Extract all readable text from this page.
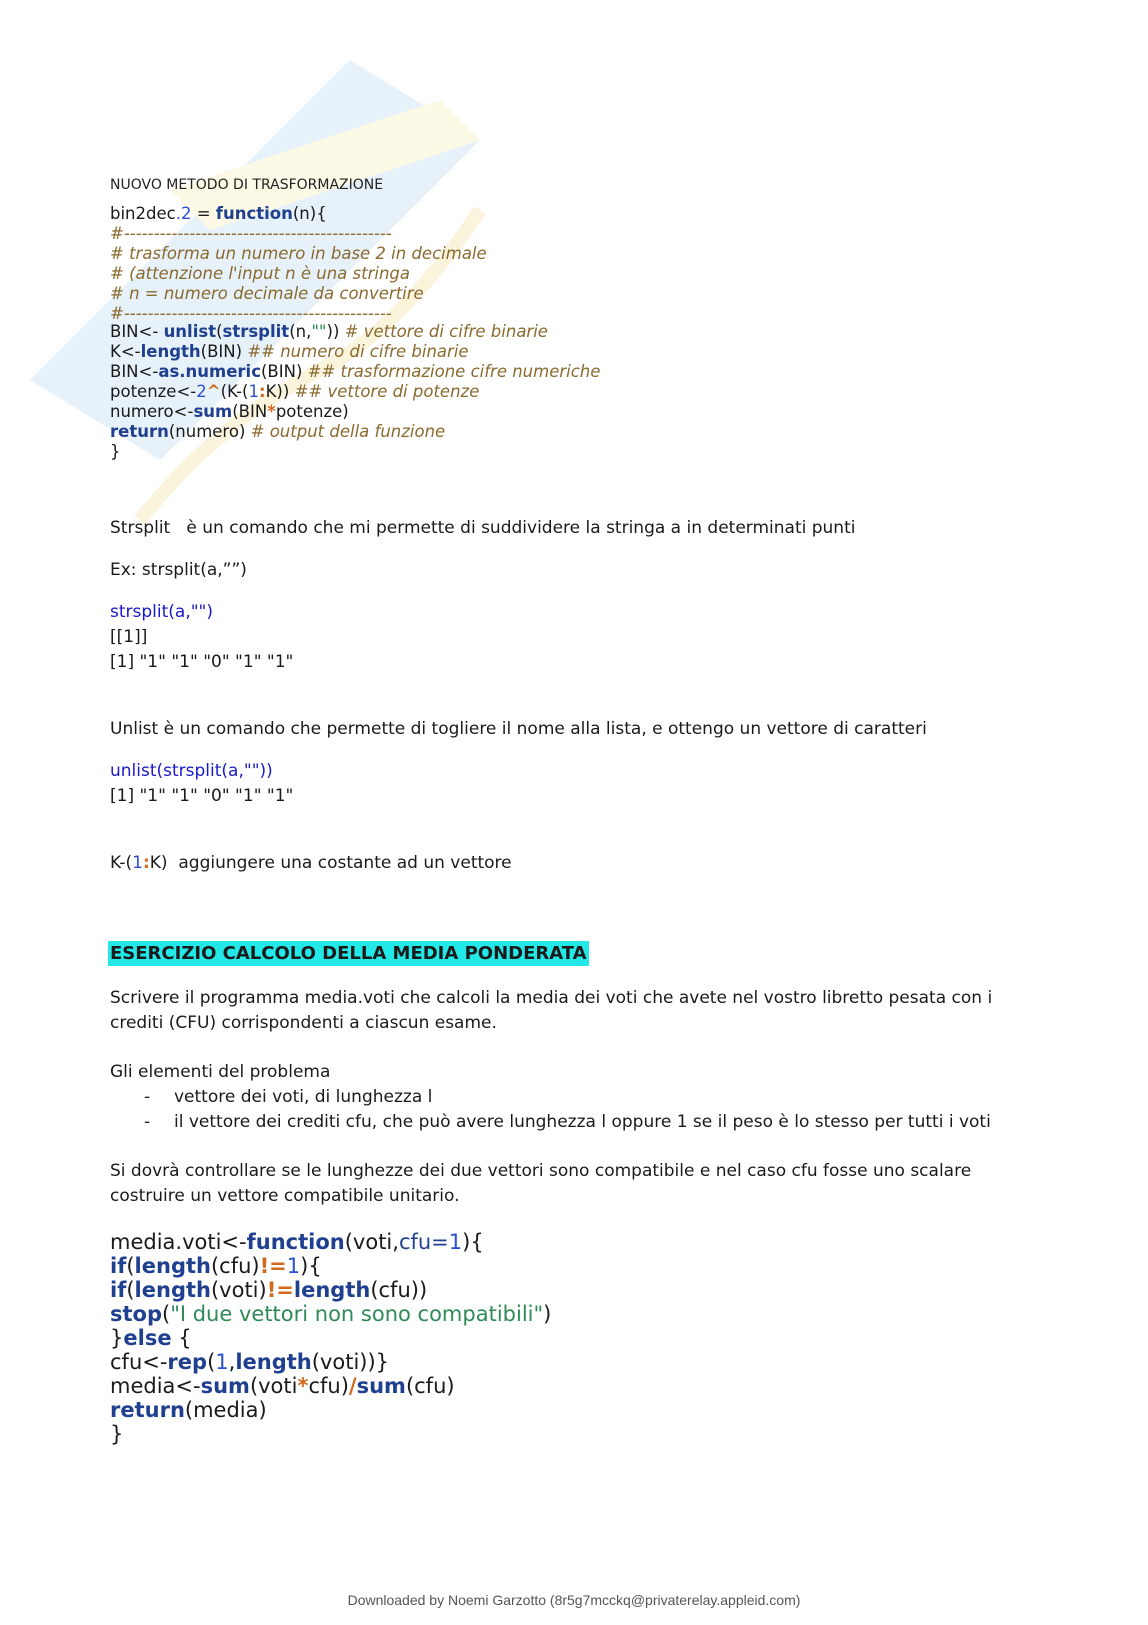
NUOVO METODO DI TRASFORMAZIONE
bin2dec.2 = function(n){
#---------------------------------------------
# trasforma un numero in base 2 in decimale
# (attenzione l'input n è una stringa
# n = numero decimale da convertire
#---------------------------------------------
BIN<- unlist(strsplit(n,"")) # vettore di cifre binarie
K<-length(BIN) ## numero di cifre binarie
BIN<-as.numeric(BIN) ## trasformazione cifre numeriche
potenze<-2^(K-(1:K)) ## vettore di potenze
numero<-sum(BIN*potenze)
return(numero) # output della funzione
}
Strsplit   è un comando che mi permette di suddividere la stringa a in determinati punti
Ex: strsplit(a,””)
strsplit(a,"")
[[1]]
[1] "1" "1" "0" "1" "1"
Unlist è un comando che permette di togliere il nome alla lista, e ottengo un vettore di caratteri
unlist(strsplit(a,""))
[1] "1" "1" "0" "1" "1"
K-(1:K)  aggiungere una costante ad un vettore
ESERCIZIO CALCOLO DELLA MEDIA PONDERATA
Scrivere il programma media.voti che calcoli la media dei voti che avete nel vostro libretto pesata con i
crediti (CFU) corrispondenti a ciascun esame.
Gli elementi del problema
- vettore dei voti, di lunghezza l
- il vettore dei crediti cfu, che può avere lunghezza l oppure 1 se il peso è lo stesso per tutti i voti
Si dovrà controllare se le lunghezze dei due vettori sono compatibile e nel caso cfu fosse uno scalare
costruire un vettore compatibile unitario.
media.voti<-function(voti,cfu=1){
if(length(cfu)!=1){
if(length(voti)!=length(cfu))
stop("I due vettori non sono compatibili")
}else {
cfu<-rep(1,length(voti))}
media<-sum(voti*cfu)/sum(cfu)
return(media)
}
Downloaded by Noemi Garzotto (8r5g7mcckq@privaterelay.appleid.com)
